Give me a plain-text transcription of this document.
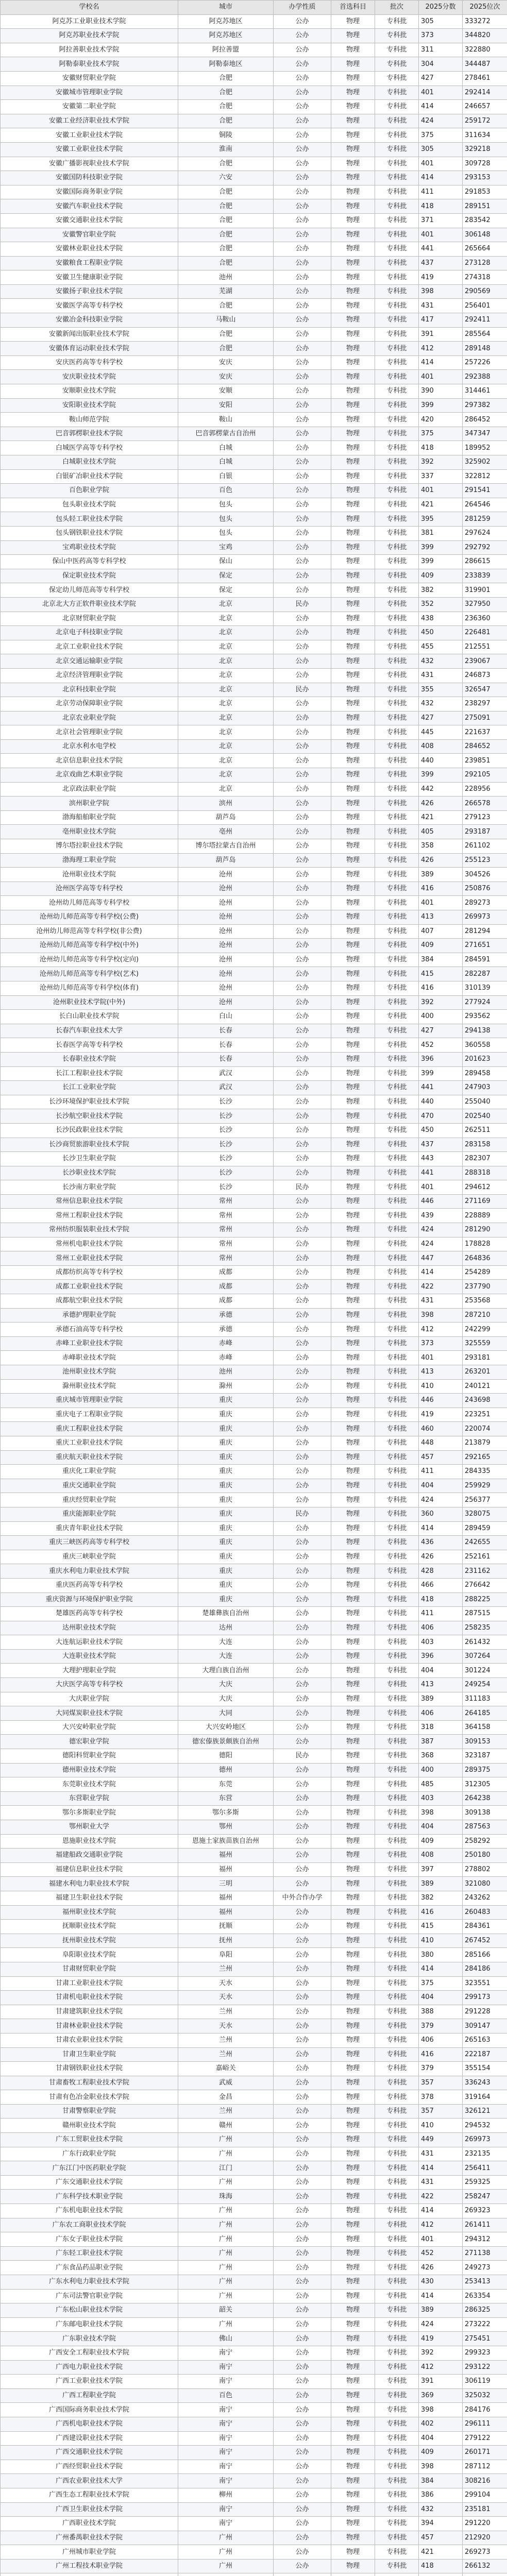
学校名	城市	办学性质	首选科目	批次	2025分数	2025位次
阿克苏工业职业技术学院	阿克苏地区	公办	物理	专科批	305	333272
阿克苏职业技术学院	阿克苏地区	公办	物理	专科批	373	344820
阿拉善职业技术学院	阿拉善盟	公办	物理	专科批	311	322880
阿勒泰职业技术学院	阿勒泰地区	公办	物理	专科批	304	344487
安徽财贸职业学院	合肥	公办	物理	专科批	427	278461
安徽城市管理职业学院	合肥	公办	物理	专科批	401	292414
安徽第二职业学院	合肥	公办	物理	专科批	414	246657
安徽工业经济职业技术学院	合肥	公办	物理	专科批	424	259172
安徽工业职业技术学院	铜陵	公办	物理	专科批	375	311634
安徽工业职业技术学院	淮南	公办	物理	专科批	305	329218
安徽广播影视职业技术学院	合肥	公办	物理	专科批	401	309728
安徽国防科技职业学院	六安	公办	物理	专科批	414	293153
安徽国际商务职业学院	合肥	公办	物理	专科批	411	291853
安徽汽车职业技术学院	合肥	公办	物理	专科批	418	289151
安徽交通职业技术学院	合肥	公办	物理	专科批	371	283542
安徽警官职业学院	合肥	公办	物理	专科批	401	306148
安徽林业职业技术学院	合肥	公办	物理	专科批	441	265664
安徽粮食工程职业学院	合肥	公办	物理	专科批	437	273128
安徽卫生健康职业学院	池州	公办	物理	专科批	419	274318
安徽扬子职业技术学院	芜湖	公办	物理	专科批	398	290569
安徽医学高等专科学校	合肥	公办	物理	专科批	431	256401
安徽冶金科技职业学院	马鞍山	公办	物理	专科批	417	292411
安徽新闻出版职业技术学院	合肥	公办	物理	专科批	391	285564
安徽体育运动职业技术学院	合肥	公办	物理	专科批	412	289148
安庆医药高等专科学校	安庆	公办	物理	专科批	414	257226
安庆职业技术学院	安庆	公办	物理	专科批	401	292388
安顺职业技术学院	安顺	公办	物理	专科批	390	314461
安阳职业技术学院	安阳	公办	物理	专科批	399	297382
鞍山师范学院	鞍山	公办	物理	专科批	420	286452
巴音郭楞职业技术学院	巴音郭楞蒙古自治州	公办	物理	专科批	375	347347
白城医学高等专科学校	白城	公办	物理	专科批	418	189952
白城职业技术学院	白城	公办	物理	专科批	392	325902
白银矿冶职业技术学院	白银	公办	物理	专科批	337	322812
百色职业学院	百色	公办	物理	专科批	401	291541
包头职业技术学院	包头	公办	物理	专科批	421	264546
包头轻工职业技术学院	包头	公办	物理	专科批	395	281259
包头钢铁职业技术学院	包头	公办	物理	专科批	381	297624
宝鸡职业技术学院	宝鸡	公办	物理	专科批	399	292792
保山中医药高等专科学校	保山	公办	物理	专科批	399	286615
保定职业技术学院	保定	公办	物理	专科批	409	233839
保定幼儿师范高等专科学校	保定	公办	物理	专科批	382	319901
北京北大方正软件职业技术学院	北京	民办	物理	专科批	352	327950
北京财贸职业学院	北京	公办	物理	专科批	438	236360
北京电子科技职业学院	北京	公办	物理	专科批	450	226481
北京工业职业技术学院	北京	公办	物理	专科批	455	212551
北京交通运输职业学院	北京	公办	物理	专科批	432	239067
北京经济管理职业学院	北京	公办	物理	专科批	431	246873
北京科技职业学院	北京	民办	物理	专科批	355	326547
北京劳动保障职业学院	北京	公办	物理	专科批	432	238297
北京农业职业学院	北京	公办	物理	专科批	427	275091
北京社会管理职业学院	北京	公办	物理	专科批	445	221637
北京水利水电学校	北京	公办	物理	专科批	408	284652
北京信息职业技术学院	北京	公办	物理	专科批	440	239851
北京戏曲艺术职业学院	北京	公办	物理	专科批	399	292105
北京政法职业学院	北京	公办	物理	专科批	442	228956
滨州职业学院	滨州	公办	物理	专科批	426	266578
渤海船舶职业学院	葫芦岛	公办	物理	专科批	421	279123
亳州职业技术学院	亳州	公办	物理	专科批	405	293187
博尔塔拉职业技术学院	博尔塔拉蒙古自治州	公办	物理	专科批	358	261102
渤海理工职业学院	葫芦岛	公办	物理	专科批	426	255123
沧州职业技术学院	沧州	公办	物理	专科批	389	304526
沧州医学高等专科学校	沧州	公办	物理	专科批	416	250876
沧州幼儿师范高等专科学校	沧州	公办	物理	专科批	401	289273
沧州幼儿师范高等专科学校(公费)	沧州	公办	物理	专科批	413	269973
沧州幼儿师范高等专科学校(非公费)	沧州	公办	物理	专科批	407	281294
沧州幼儿师范高等专科学校(中外)	沧州	公办	物理	专科批	409	271651
沧州幼儿师范高等专科学校(定向)	沧州	公办	物理	专科批	384	284591
沧州幼儿师范高等专科学校(艺术)	沧州	公办	物理	专科批	415	282287
沧州幼儿师范高等专科学校(体育)	沧州	公办	物理	专科批	416	310139
沧州职业技术学院(中外)	沧州	公办	物理	专科批	392	277924
长白山职业技术学院	白山	公办	物理	专科批	400	293562
长春汽车职业技术大学	长春	公办	物理	专科批	427	294138
长春医学高等专科学校	长春	公办	物理	专科批	452	360558
长春职业技术学院	长春	公办	物理	专科批	396	201623
长江工程职业技术学院	武汉	公办	物理	专科批	399	289458
长江工业职业学院	武汉	公办	物理	专科批	441	247903
长沙环境保护职业技术学院	长沙	公办	物理	专科批	440	255040
长沙航空职业技术学院	长沙	公办	物理	专科批	470	202540
长沙民政职业技术学院	长沙	公办	物理	专科批	450	262511
长沙商贸旅游职业技术学院	长沙	公办	物理	专科批	437	283158
长沙卫生职业学院	长沙	公办	物理	专科批	443	282307
长沙职业技术学院	长沙	公办	物理	专科批	441	288318
长沙南方职业学院	长沙	民办	物理	专科批	401	294612
常州信息职业技术学院	常州	公办	物理	专科批	446	271169
常州工程职业技术学院	常州	公办	物理	专科批	439	228889
常州纺织服装职业技术学院	常州	公办	物理	专科批	424	281290
常州机电职业技术学院	常州	公办	物理	专科批	424	178828
常州工业职业技术学院	常州	公办	物理	专科批	447	264836
成都纺织高等专科学校	成都	公办	物理	专科批	414	254289
成都工业职业技术学院	成都	公办	物理	专科批	422	237790
成都航空职业技术学院	成都	公办	物理	专科批	431	253568
承德护理职业学院	承德	公办	物理	专科批	398	287210
承德石油高等专科学校	承德	公办	物理	专科批	412	242299
赤峰工业职业技术学院	赤峰	公办	物理	专科批	373	325559
赤峰职业技术学院	赤峰	公办	物理	专科批	401	293181
池州职业技术学院	池州	公办	物理	专科批	413	263201
滁州职业技术学院	滁州	公办	物理	专科批	410	240121
重庆城市管理职业学院	重庆	公办	物理	专科批	446	243698
重庆电子工程职业学院	重庆	公办	物理	专科批	419	223251
重庆工程职业技术学院	重庆	公办	物理	专科批	460	220074
重庆工业职业技术学院	重庆	公办	物理	专科批	448	213879
重庆航天职业技术学院	重庆	公办	物理	专科批	457	292165
重庆化工职业学院	重庆	公办	物理	专科批	411	284335
重庆交通职业学院	重庆	公办	物理	专科批	404	259929
重庆经贸职业学院	重庆	公办	物理	专科批	424	256377
重庆能源职业学院	重庆	民办	物理	专科批	360	328075
重庆青年职业技术学院	重庆	公办	物理	专科批	414	289459
重庆三峡医药高等专科学校	重庆	公办	物理	专科批	436	242655
重庆三峡职业学院	重庆	公办	物理	专科批	426	252161
重庆水利电力职业技术学院	重庆	公办	物理	专科批	428	231162
重庆医药高等专科学校	重庆	公办	物理	专科批	466	276642
重庆资源与环境保护职业学院	重庆	公办	物理	专科批	418	288225
楚雄医药高等专科学校	楚雄彝族自治州	公办	物理	专科批	411	287515
达州职业技术学院	达州	公办	物理	专科批	406	258235
大连航运职业技术学院	大连	公办	物理	专科批	403	261432
大连职业技术学院	大连	公办	物理	专科批	396	307264
大理护理职业学院	大理白族自治州	公办	物理	专科批	404	301224
大庆医学高等专科学校	大庆	公办	物理	专科批	413	249254
大庆职业学院	大庆	公办	物理	专科批	389	311183
大同煤炭职业技术学院	大同	公办	物理	专科批	406	264185
大兴安岭职业学院	大兴安岭地区	公办	物理	专科批	318	364158
德宏职业学院	德宏傣族景颇族自治州	公办	物理	专科批	387	309153
德阳科贸职业学院	德阳	民办	物理	专科批	368	323187
德州职业技术学院	德州	公办	物理	专科批	400	289375
东莞职业技术学院	东莞	公办	物理	专科批	485	312305
东营职业学院	东营	公办	物理	专科批	403	264238
鄂尔多斯职业学院	鄂尔多斯	公办	物理	专科批	398	309138
鄂州职业大学	鄂州	公办	物理	专科批	404	287563
恩施职业技术学院	恩施土家族苗族自治州	公办	物理	专科批	409	258292
福建船政交通职业学院	福州	公办	物理	专科批	408	250180
福建信息职业技术学院	福州	公办	物理	专科批	397	278802
福建水利电力职业技术学院	三明	公办	物理	专科批	389	321080
福建卫生职业技术学院	福州	中外合作办学	物理	专科批	382	243262
福州职业技术学院	福州	公办	物理	专科批	416	260483
抚顺职业技术学院	抚顺	公办	物理	专科批	415	284361
抚州职业技术学院	抚州	公办	物理	专科批	410	267452
阜阳职业技术学院	阜阳	公办	物理	专科批	380	285166
甘肃财贸职业学院	兰州	公办	物理	专科批	414	284186
甘肃工业职业技术学院	天水	公办	物理	专科批	375	323551
甘肃机电职业技术学院	天水	公办	物理	专科批	404	299173
甘肃建筑职业技术学院	兰州	公办	物理	专科批	388	291228
甘肃林业职业技术学院	天水	公办	物理	专科批	379	309147
甘肃农业职业技术学院	兰州	公办	物理	专科批	406	265163
甘肃卫生职业学院	兰州	公办	物理	专科批	416	222187
甘肃钢铁职业技术学院	嘉峪关	公办	物理	专科批	379	355154
甘肃畜牧工程职业技术学院	武威	公办	物理	专科批	357	336243
甘肃有色冶金职业技术学院	金昌	公办	物理	专科批	378	319164
甘肃警察职业学院	兰州	公办	物理	专科批	357	326121
赣州职业技术学院	赣州	公办	物理	专科批	410	294532
广东工贸职业技术学院	广州	公办	物理	专科批	449	269973
广东行政职业学院	广州	公办	物理	专科批	431	232135
广东江门中医药职业学院	江门	公办	物理	专科批	414	256411
广东交通职业技术学院	广州	公办	物理	专科批	431	259325
广东科学技术职业学院	珠海	公办	物理	专科批	422	258247
广东机电职业技术学院	广州	公办	物理	专科批	414	269323
广东农工商职业技术学院	广州	公办	物理	专科批	412	261411
广东女子职业技术学院	广州	公办	物理	专科批	401	294312
广东轻工职业技术学院	广州	公办	物理	专科批	452	271138
广东食品药品职业学院	广州	公办	物理	专科批	426	249273
广东水利电力职业技术学院	广州	公办	物理	专科批	430	253413
广东司法警官职业学院	广州	公办	物理	专科批	414	263354
广东松山职业技术学院	韶关	公办	物理	专科批	389	286325
广东邮电职业技术学院	广州	公办	物理	专科批	424	273222
广东职业技术学院	佛山	公办	物理	专科批	419	275451
广西安全工程职业技术学院	南宁	公办	物理	专科批	392	299323
广西电力职业技术学院	南宁	公办	物理	专科批	412	293122
广西工业职业技术学院	南宁	公办	物理	专科批	391	306119
广西工程职业学院	百色	公办	物理	专科批	369	325032
广西国际商务职业技术学院	南宁	公办	物理	专科批	398	284176
广西机电职业技术学院	南宁	公办	物理	专科批	402	296111
广西建设职业技术学院	南宁	公办	物理	专科批	404	279122
广西交通职业技术学院	南宁	公办	物理	专科批	409	260171
广西经贸职业技术学院	南宁	公办	物理	专科批	398	287112
广西农业职业技术大学	南宁	公办	物理	专科批	384	308216
广西生态工程职业技术学院	柳州	公办	物理	专科批	386	299104
广西卫生职业技术学院	南宁	公办	物理	专科批	432	235181
广西职业技术学院	南宁	公办	物理	专科批	394	291220
广州番禺职业技术学院	广州	公办	物理	专科批	457	212920
广州城市职业学院	广州	公办	物理	专科批	421	269273
广州工程技术职业学院	广州	公办	物理	专科批	418	266132
